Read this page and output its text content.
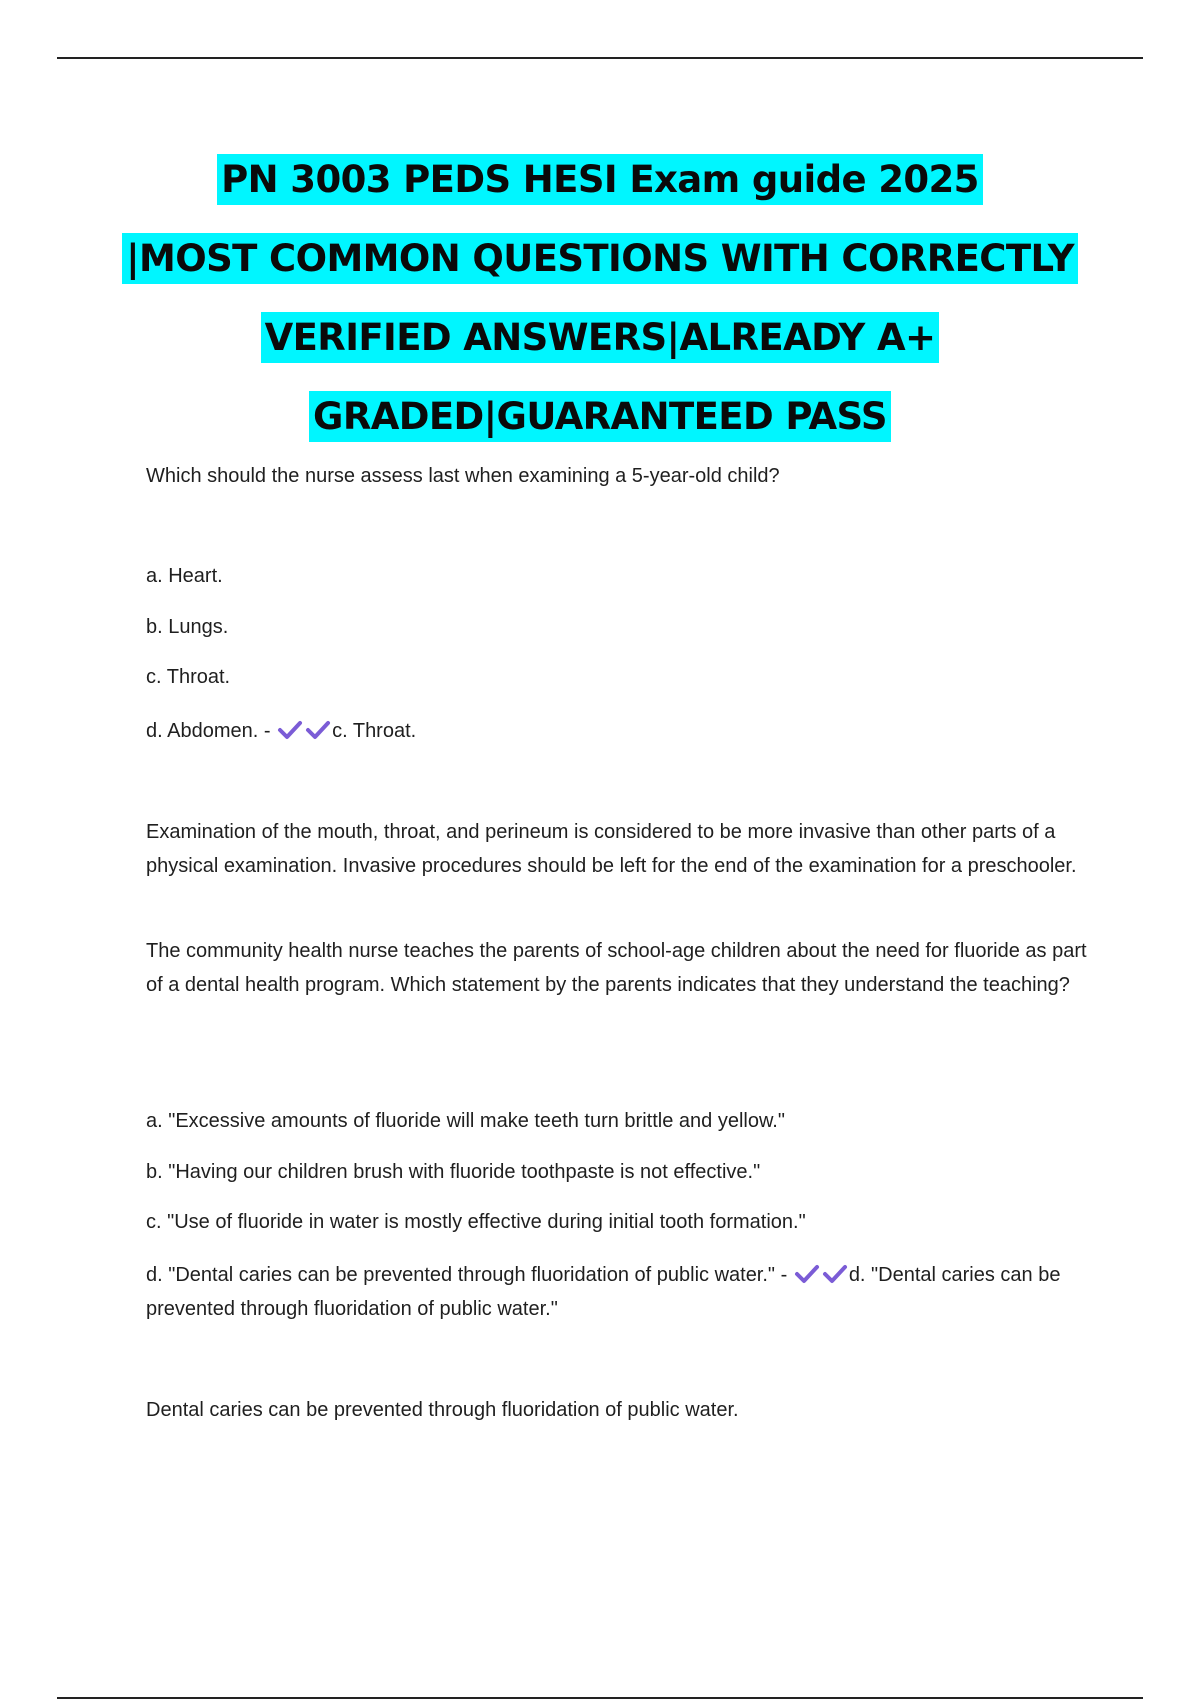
PN 3003 PEDS HESI Exam guide 2025
|MOST COMMON QUESTIONS WITH CORRECTLY
VERIFIED ANSWERS|ALREADY A+
GRADED|GUARANTEED PASS

Which should the nurse assess last when examining a 5-year-old child?

a. Heart.

b. Lungs.

c. Throat.

d. Abdomen. -	c. Throat.

Examination of the mouth, throat, and perineum is considered to be more invasive than other parts of a physical examination. Invasive procedures should be left for the end of the examination for a preschooler.

The community health nurse teaches the parents of school-age children about the need for fluoride as part of a dental health program. Which statement by the parents indicates that they understand the teaching?

a. "Excessive amounts of fluoride will make teeth turn brittle and yellow."

b. "Having our children brush with fluoride toothpaste is not effective."

c. "Use of fluoride in water is mostly effective during initial tooth formation."

d. "Dental caries can be prevented through fluoridation of public water." -	d. "Dental caries can be prevented through fluoridation of public water."

Dental caries can be prevented through fluoridation of public water.
